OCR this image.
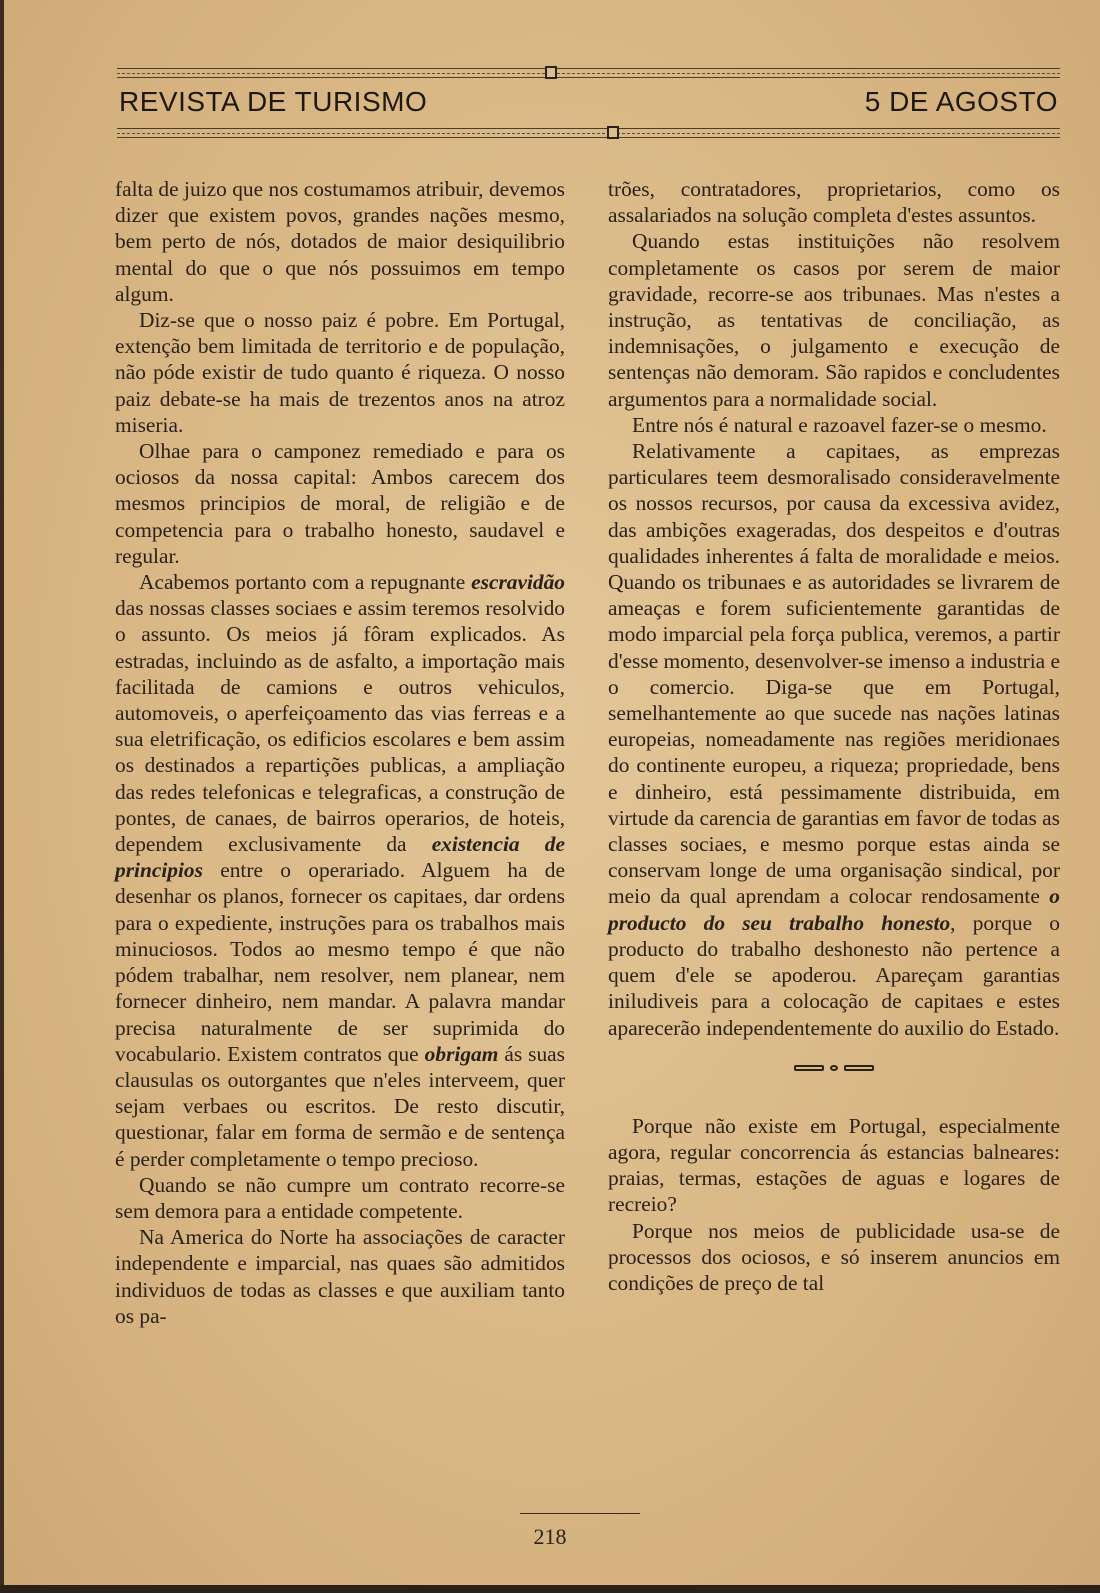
REVISTA DE TURISMO	5 DE AGOSTO

falta de juizo que nos costumamos atribuir, devemos dizer que existem povos, grandes nações mesmo, bem perto de nós, dotados de maior desiquilibrio mental do que o que nós possuimos em tempo algum.

Diz-se que o nosso paiz é pobre. Em Portugal, extenção bem limitada de territorio e de população, não póde existir de tudo quanto é riqueza. O nosso paiz debate-se ha mais de trezentos anos na atroz miseria.

Olhae para o camponez remediado e para os ociosos da nossa capital: Ambos carecem dos mesmos principios de moral, de religião e de competencia para o trabalho honesto, saudavel e regular.

Acabemos portanto com a repugnante escravidão das nossas classes sociaes e assim teremos resolvido o assunto. Os meios já fôram explicados. As estradas, incluindo as de asfalto, a importação mais facilitada de camions e outros vehiculos, automoveis, o aperfeiçoamento das vias ferreas e a sua eletrificação, os edificios escolares e bem assim os destinados a repartições publicas, a ampliação das redes telefonicas e telegraficas, a construção de pontes, de canaes, de bairros operarios, de hoteis, dependem exclusivamente da existencia de principios entre o operariado. Alguem ha de desenhar os planos, fornecer os capitaes, dar ordens para o expediente, instruções para os trabalhos mais minuciosos. Todos ao mesmo tempo é que não pódem trabalhar, nem resolver, nem planear, nem fornecer dinheiro, nem mandar. A palavra mandar precisa naturalmente de ser suprimida do vocabulario. Existem contratos que obrigam ás suas clausulas os outorgantes que n'eles interveem, quer sejam verbaes ou escritos. De resto discutir, questionar, falar em forma de sermão e de sentença é perder completamente o tempo precioso.

Quando se não cumpre um contrato recorre-se sem demora para a entidade competente.

Na America do Norte ha associações de caracter independente e imparcial, nas quaes são admitidos individuos de todas as classes e que auxiliam tanto os pa-

trões, contratadores, proprietarios, como os assalariados na solução completa d'estes assuntos.

Quando estas instituições não resolvem completamente os casos por serem de maior gravidade, recorre-se aos tribunaes. Mas n'estes a instrução, as tentativas de conciliação, as indemnisações, o julgamento e execução de sentenças não demoram. São rapidos e concludentes argumentos para a normalidade social.

Entre nós é natural e razoavel fazer-se o mesmo.

Relativamente a capitaes, as emprezas particulares teem desmoralisado consideravelmente os nossos recursos, por causa da excessiva avidez, das ambições exageradas, dos despeitos e d'outras qualidades inherentes á falta de moralidade e meios. Quando os tribunaes e as autoridades se livrarem de ameaças e forem suficientemente garantidas de modo imparcial pela força publica, veremos, a partir d'esse momento, desenvolver-se imenso a industria e o comercio. Diga-se que em Portugal, semelhantemente ao que sucede nas nações latinas europeias, nomeadamente nas regiões meridionaes do continente europeu, a riqueza; propriedade, bens e dinheiro, está pessimamente distribuida, em virtude da carencia de garantias em favor de todas as classes sociaes, e mesmo porque estas ainda se conservam longe de uma organisação sindical, por meio da qual aprendam a colocar rendosamente o producto do seu trabalho honesto, porque o producto do trabalho deshonesto não pertence a quem d'ele se apoderou. Apareçam garantias iniludiveis para a colocação de capitaes e estes aparecerão independentemente do auxilio do Estado.

Porque não existe em Portugal, especialmente agora, regular concorrencia ás estancias balneares: praias, termas, estações de aguas e logares de recreio?

Porque nos meios de publicidade usa-se de processos dos ociosos, e só inserem anuncios em condições de preço de tal

218
